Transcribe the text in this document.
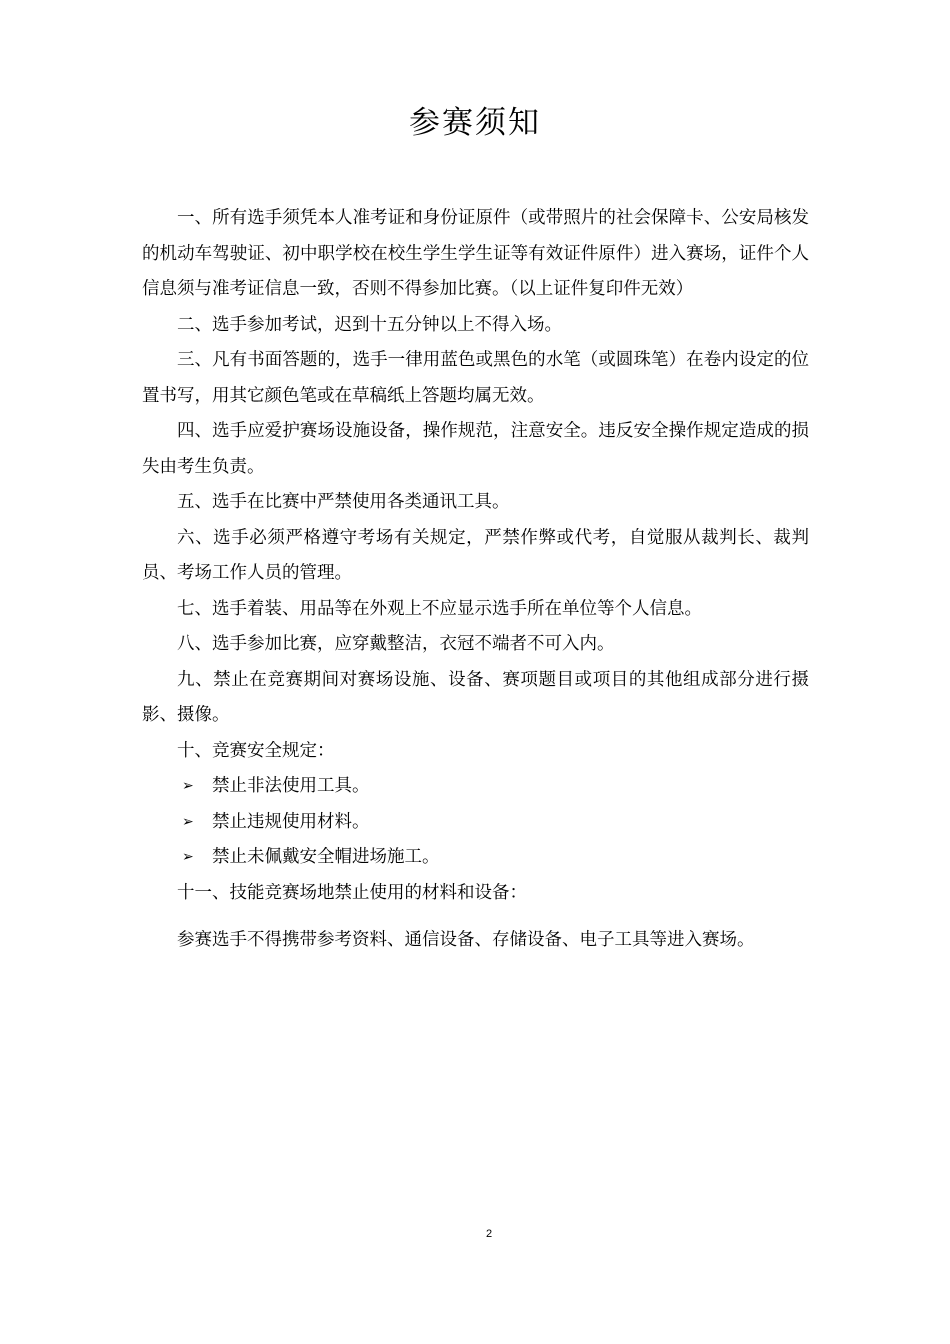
参赛须知

一、所有选手须凭本人准考证和身份证原件（或带照片的社会保障卡、公安局核发的机动车驾驶证、初中职学校在校生学生学生证等有效证件原件）进入赛场，证件个人信息须与准考证信息一致，否则不得参加比赛。（以上证件复印件无效）

二、选手参加考试，迟到十五分钟以上不得入场。

三、凡有书面答题的，选手一律用蓝色或黑色的水笔（或圆珠笔）在卷内设定的位置书写，用其它颜色笔或在草稿纸上答题均属无效。

四、选手应爱护赛场设施设备，操作规范，注意安全。违反安全操作规定造成的损失由考生负责。

五、选手在比赛中严禁使用各类通讯工具。

六、选手必须严格遵守考场有关规定，严禁作弊或代考，自觉服从裁判长、裁判员、考场工作人员的管理。

七、选手着装、用品等在外观上不应显示选手所在单位等个人信息。

八、选手参加比赛，应穿戴整洁，衣冠不端者不可入内。

九、禁止在竞赛期间对赛场设施、设备、赛项题目或项目的其他组成部分进行摄影、摄像。

十、竞赛安全规定：

➢ 禁止非法使用工具。

➢ 禁止违规使用材料。

➢ 禁止未佩戴安全帽进场施工。

十一、技能竞赛场地禁止使用的材料和设备：

参赛选手不得携带参考资料、通信设备、存储设备、电子工具等进入赛场。

2
